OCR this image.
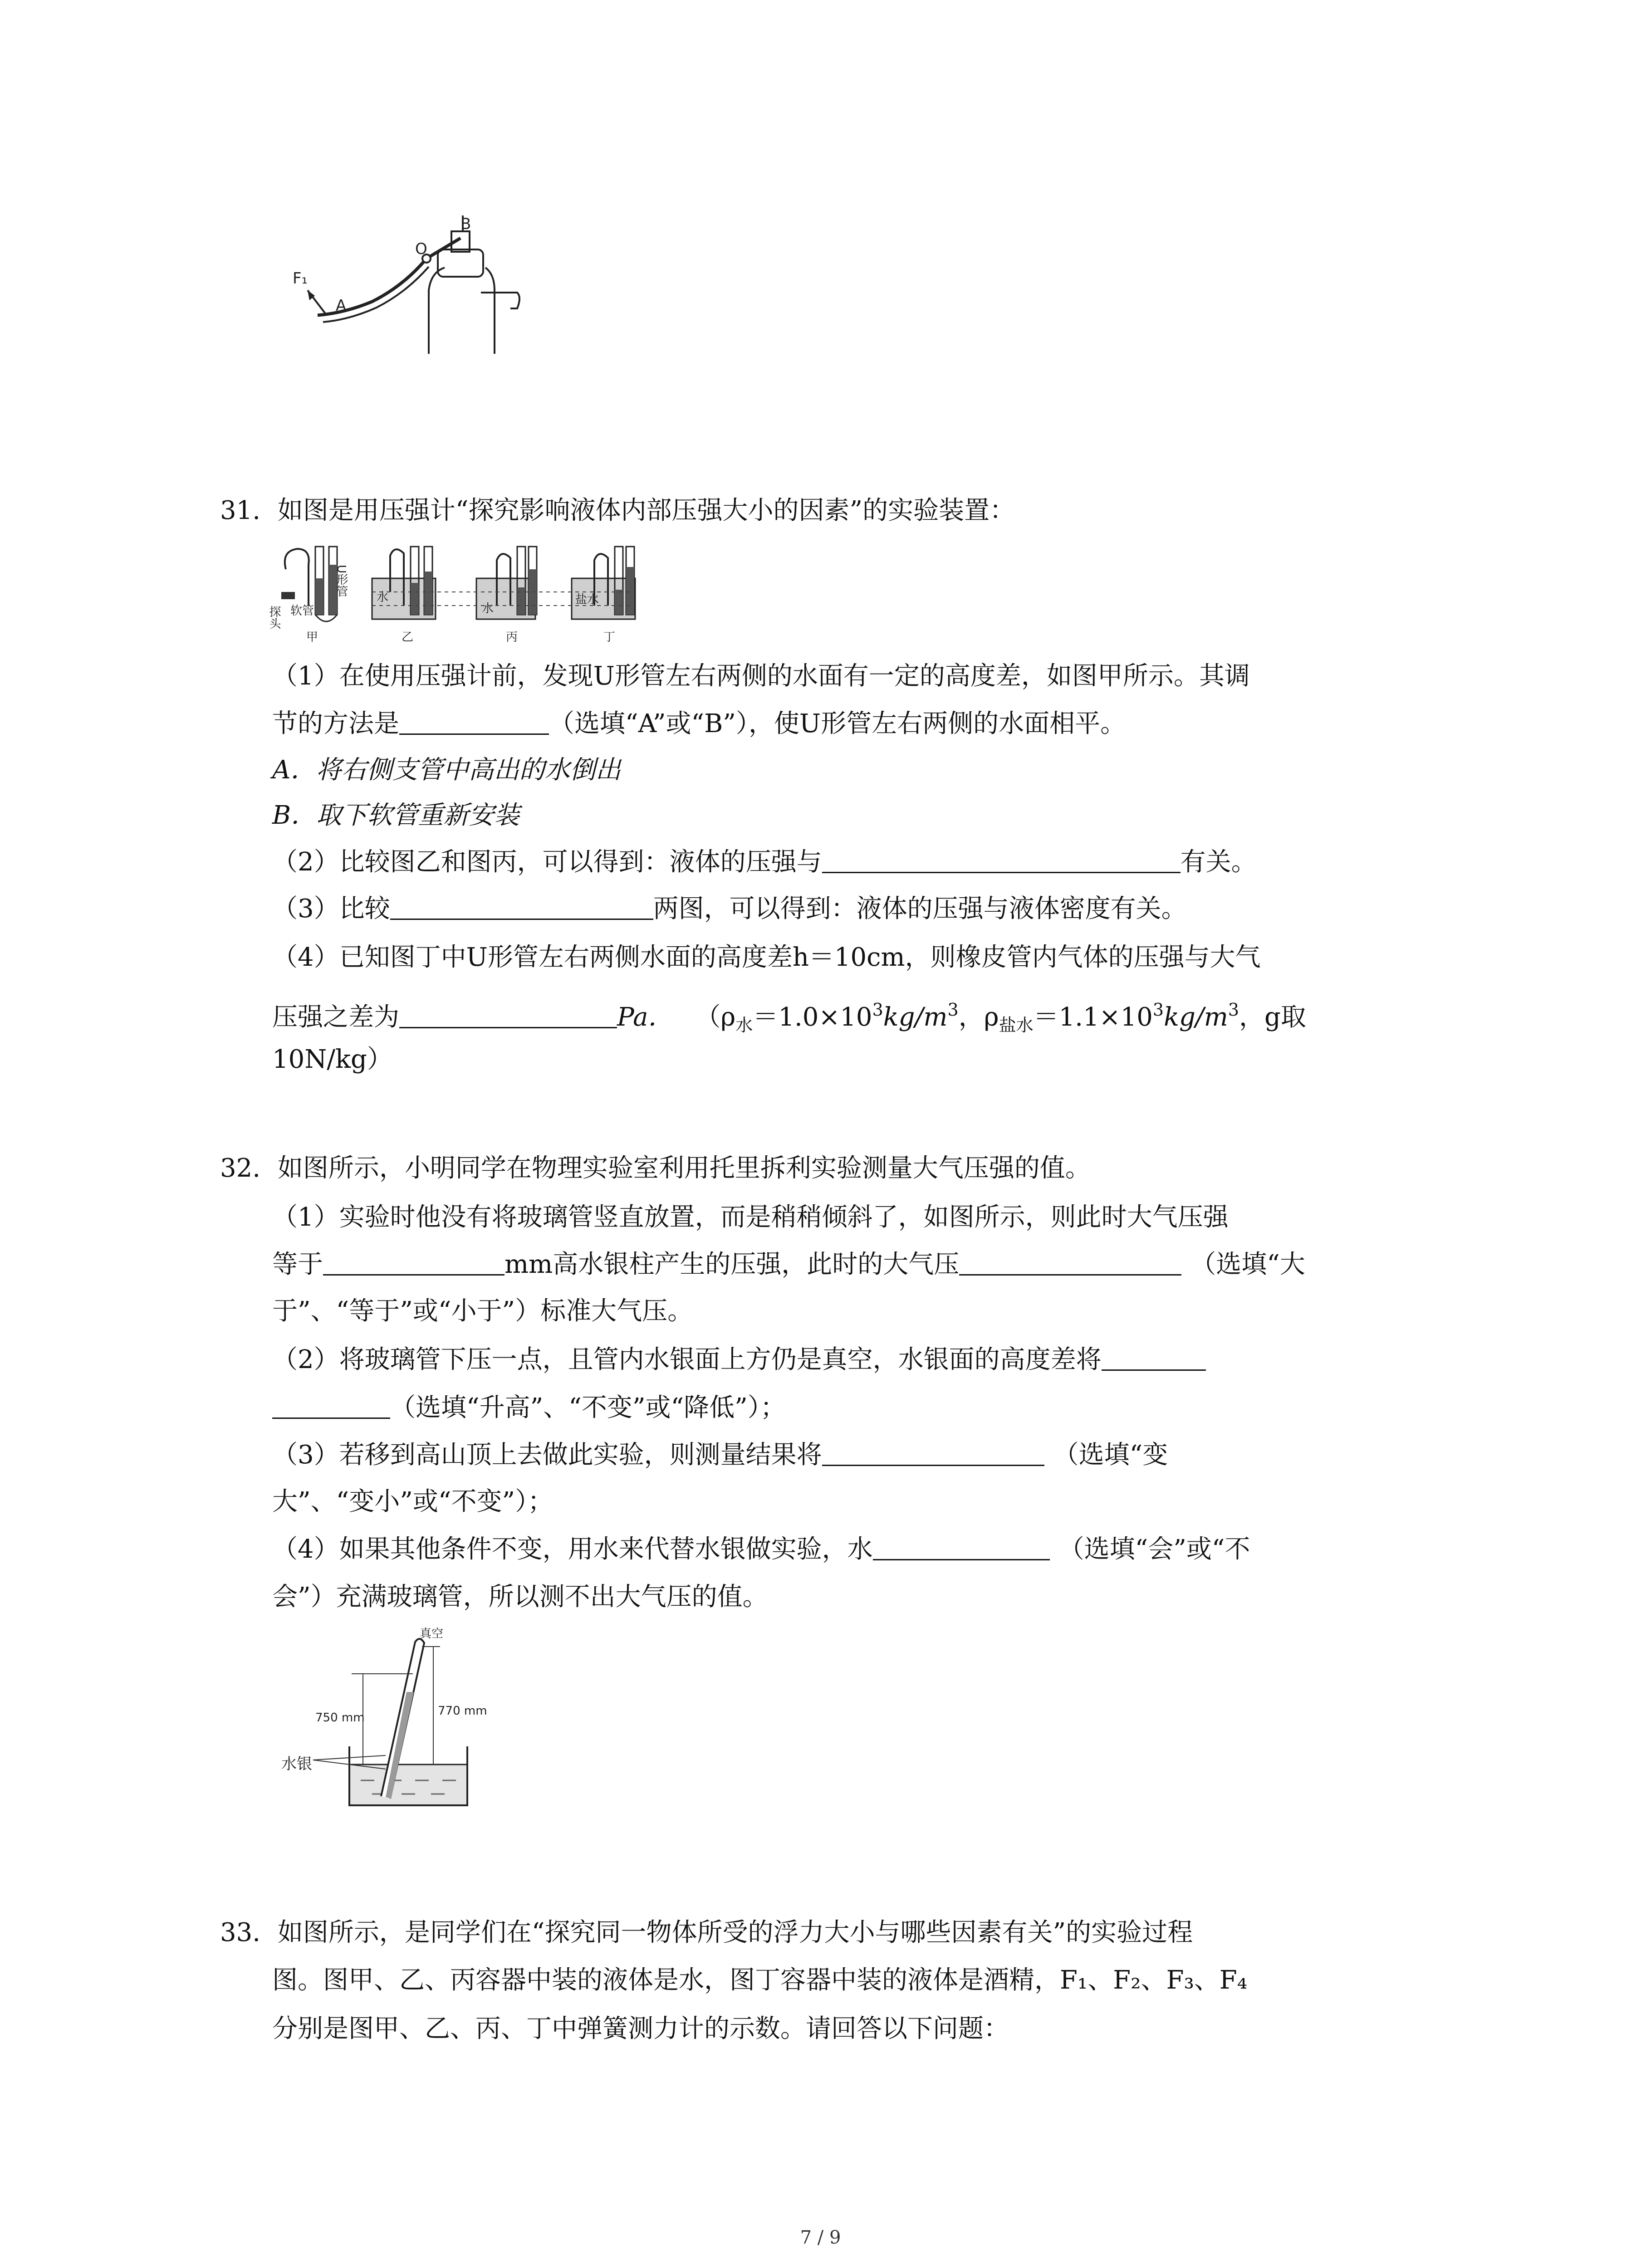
F₁
A
O
B
31. 如图是用压强计“探究影响液体内部压强大小的因素”的实验装置：
U形管
探头 软管
水
水
盐水
甲	乙	丙	丁
（1）在使用压强计前，发现U形管左右两侧的水面有一定的高度差，如图甲所示。其调
节的方法是	（选填“A”或“B”），使U形管左右两侧的水面相平。
A．将右侧支管中高出的水倒出
B．取下软管重新安装
（2）比较图乙和图丙，可以得到：液体的压强与	有关。
（3）比较	两图，可以得到：液体的压强与液体密度有关。
（4）已知图丁中U形管左右两侧水面的高度差h＝10cm，则橡皮管内气体的压强与大气
压强之差为	Pa． （$\rho_水=1.0\times 10^3kg/m^3$，$\rho_{盐水}=1.1\times 10^3kg/m^3$，g取
10N/kg）
32. 如图所示，小明同学在物理实验室利用托里拆利实验测量大气压强的值。
（1）实验时他没有将玻璃管竖直放置，而是稍稍倾斜了，如图所示，则此时大气压强
等于	mm高水银柱产生的压强，此时的大气压	（选填“大
于”、“等于”或“小于”）标准大气压。
（2）将玻璃管下压一点，且管内水银面上方仍是真空，水银面的高度差将
（选填“升高”、“不变”或“降低”）；
（3）若移到高山顶上去做此实验，则测量结果将	（选填“变
大”、“变小”或“不变”）；
（4）如果其他条件不变，用水来代替水银做实验，水	（选填“会”或“不
会”）充满玻璃管，所以测不出大气压的值。
真空
750 mm	770 mm
水银
33. 如图所示，是同学们在“探究同一物体所受的浮力大小与哪些因素有关”的实验过程
图。图甲、乙、丙容器中装的液体是水，图丁容器中装的液体是酒精，F₁、F₂、F₃、F₄
分别是图甲、乙、丙、丁中弹簧测力计的示数。请回答以下问题：
7 / 9
